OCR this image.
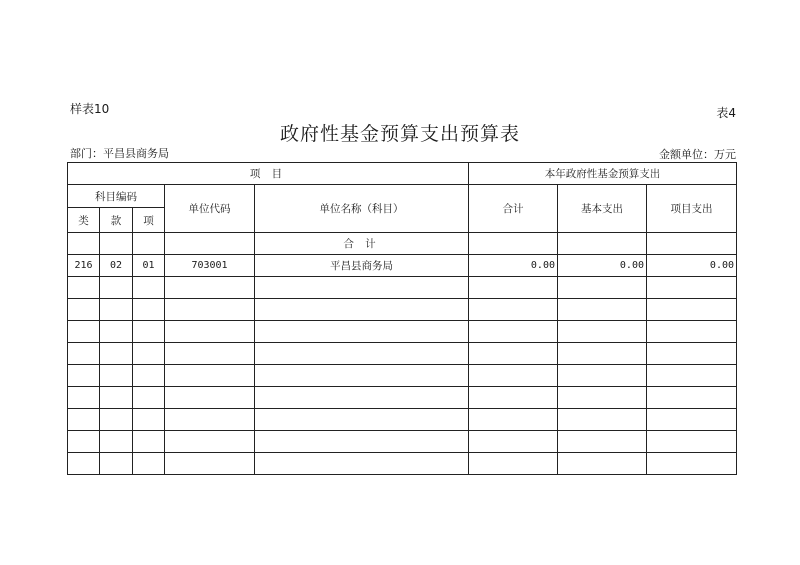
样表10	表4
政府性基金预算支出预算表
部门：平昌县商务局	金额单位：万元
项 目					本年政府性基金预算支出		
科目编码			单位代码	单位名称（科目）	合计	基本支出	项目支出
类	款	项					
				合 计			
216	02	01	703001	平昌县商务局	0.00	0.00	0.00
